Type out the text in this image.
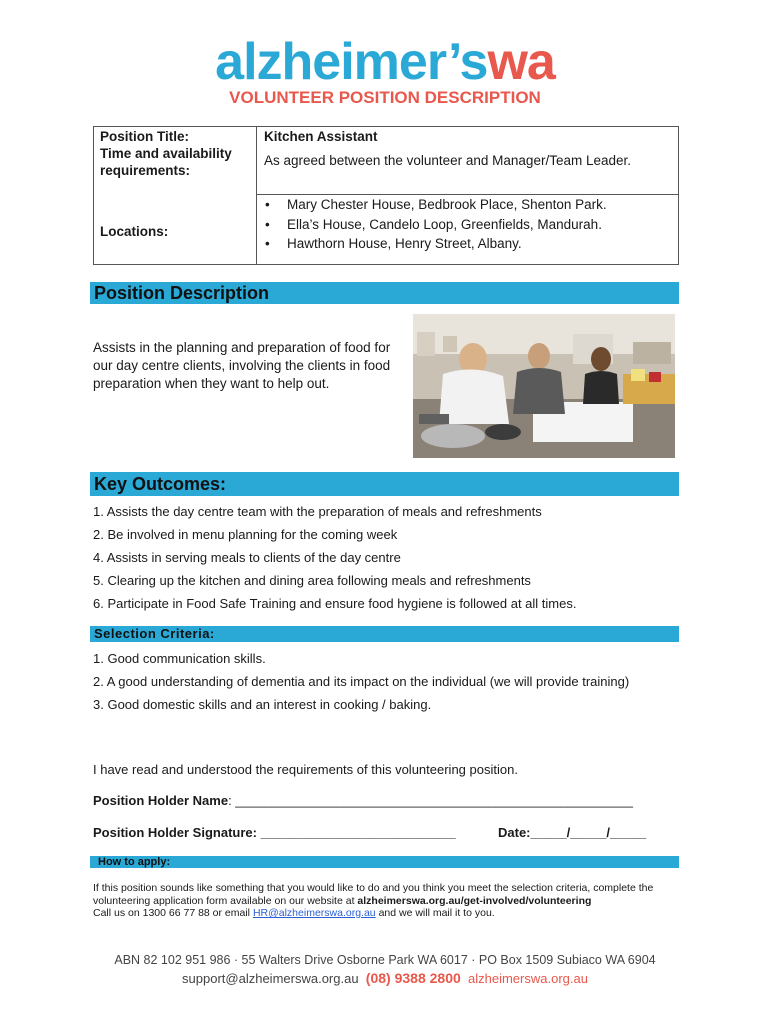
alzheimer’swa
VOLUNTEER POSITION DESCRIPTION
Position Title:
Time and availability requirements:
Locations:
Kitchen Assistant
As agreed between the volunteer and Manager/Team Leader.
• Mary Chester House, Bedbrook Place, Shenton Park.
• Ella’s House, Candelo Loop, Greenfields, Mandurah.
• Hawthorn House, Henry Street, Albany.
Position Description
Assists in the planning and preparation of food for our day centre clients, involving the clients in food preparation when they want to help out.
Key Outcomes:
1. Assists the day centre team with the preparation of meals and refreshments
2. Be involved in menu planning for the coming week
4. Assists in serving meals to clients of the day centre
5. Clearing up the kitchen and dining area following meals and refreshments
6. Participate in Food Safe Training and ensure food hygiene is followed at all times.
Selection Criteria:
1. Good communication skills.
2. A good understanding of dementia and its impact on the individual (we will provide training)
3. Good domestic skills and an interest in cooking / baking.
I have read and understood the requirements of this volunteering position.
Position Holder Name: _______________________________________________________
Position Holder Signature: ___________________________	Date:_____/_____/_____
How to apply:
If this position sounds like something that you would like to do and you think you meet the selection criteria, complete the volunteering application form available on our website at alzheimerswa.org.au/get-involved/volunteering
Call us on 1300 66 77 88 or email HR@alzheimerswa.org.au and we will mail it to you.
ABN 82 102 951 986 · 55 Walters Drive Osborne Park WA 6017 · PO Box 1509 Subiaco WA 6904
support@alzheimerswa.org.au (08) 9388 2800 alzheimerswa.org.au
